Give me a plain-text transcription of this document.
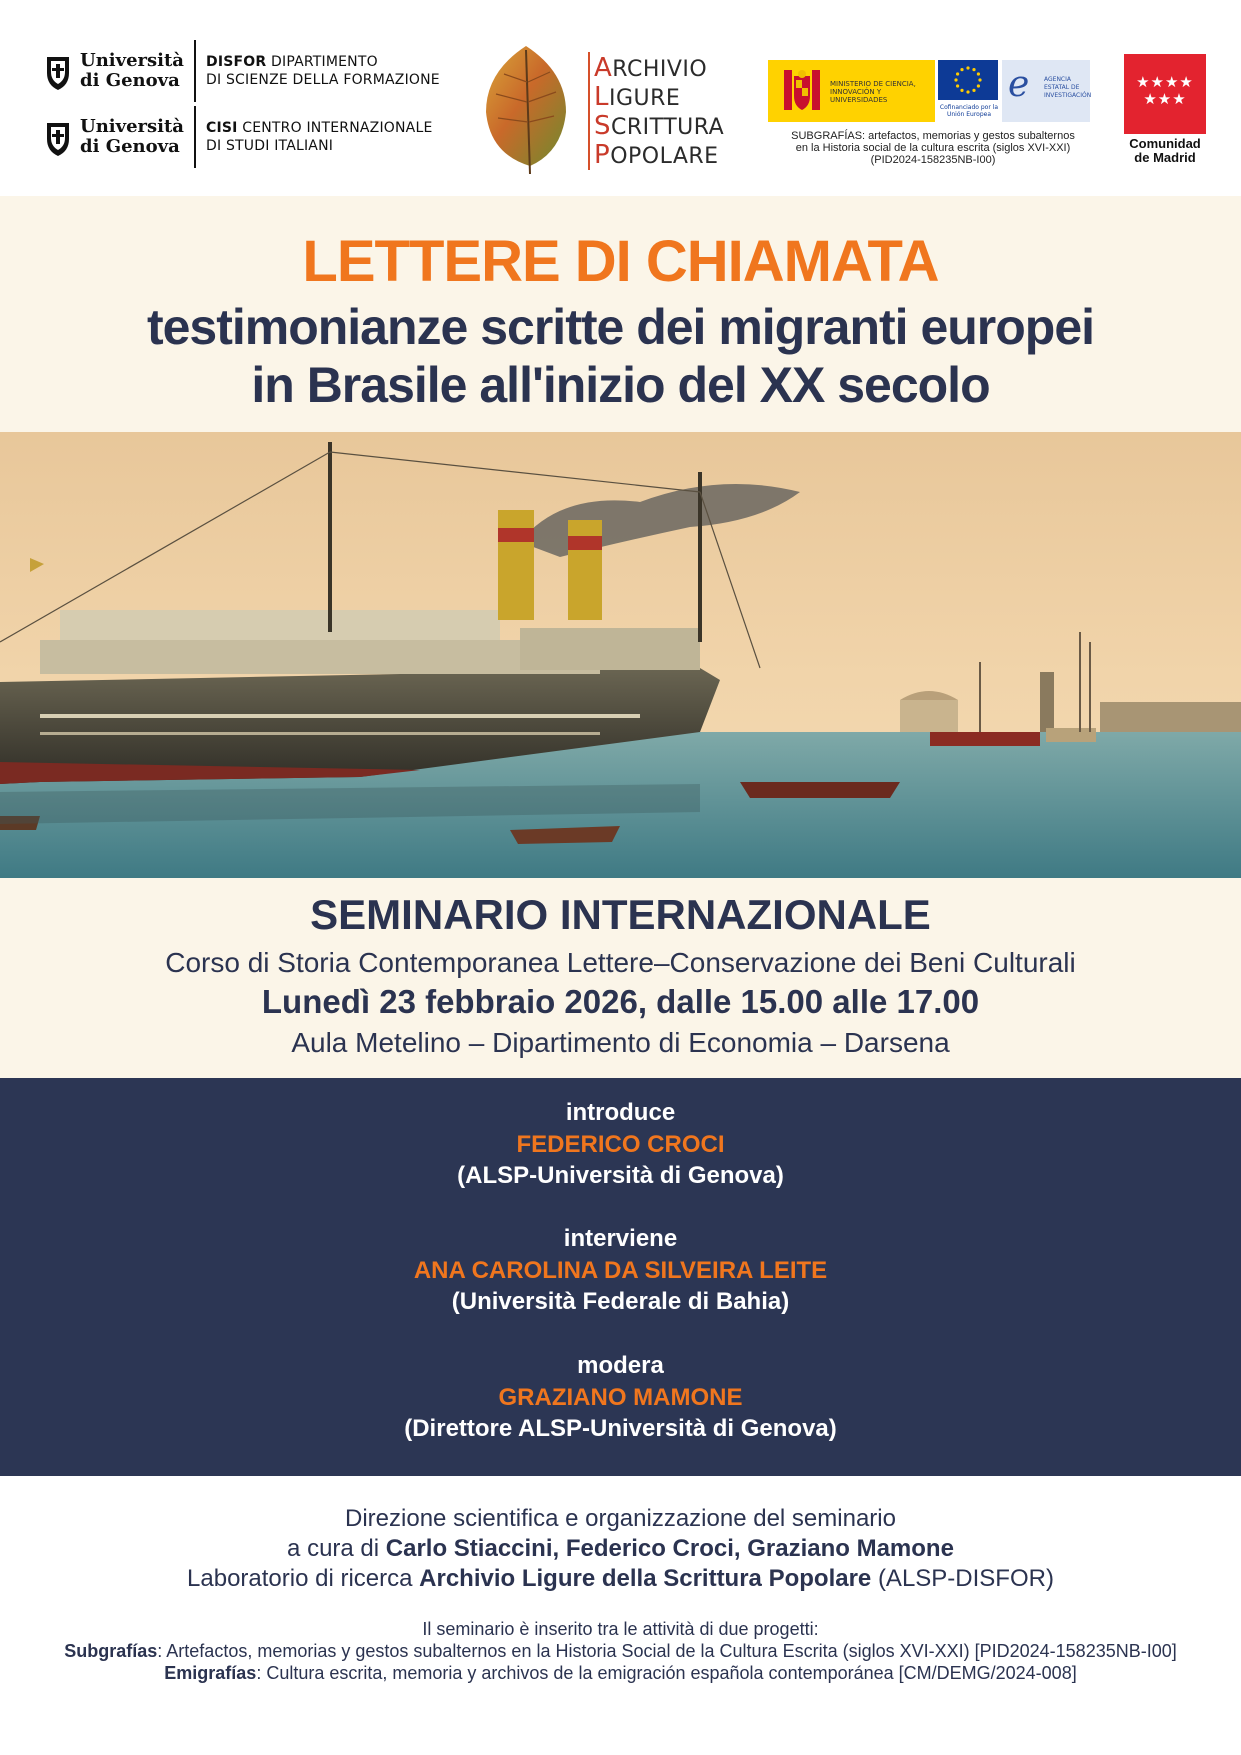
Università
di Genova
DISFOR DIPARTIMENTO
DI SCIENZE DELLA FORMAZIONE
Università
di Genova
CISI CENTRO INTERNAZIONALE
DI STUDI ITALIANI
ARCHIVIO
LIGURE
SCRITTURA
POPOLARE
MINISTERIO DE CIENCIA, INNOVACIÓN Y UNIVERSIDADES
Cofinanciado por la Unión Europea
e AGENCIA ESTATAL DE INVESTIGACIÓN
SUBGRAFÍAS: artefactos, memorias y gestos subalternos
en la Historia social de la cultura escrita (siglos XVI-XXI)
(PID2024-158235NB-I00)
★★★★
★★★
Comunidad
de Madrid
LETTERE DI CHIAMATA
testimonianze scritte dei migranti europei
in Brasile all'inizio del XX secolo
SEMINARIO INTERNAZIONALE
Corso di Storia Contemporanea Lettere–Conservazione dei Beni Culturali
Lunedì 23 febbraio 2026, dalle 15.00 alle 17.00
Aula Metelino – Dipartimento di Economia – Darsena
introduce
FEDERICO CROCI
(ALSP-Università di Genova)
interviene
ANA CAROLINA DA SILVEIRA LEITE
(Università Federale di Bahia)
modera
GRAZIANO MAMONE
(Direttore ALSP-Università di Genova)
Direzione scientifica e organizzazione del seminario
a cura di Carlo Stiaccini, Federico Croci, Graziano Mamone
Laboratorio di ricerca Archivio Ligure della Scrittura Popolare (ALSP-DISFOR)
Il seminario è inserito tra le attività di due progetti:
Subgrafías: Artefactos, memorias y gestos subalternos en la Historia Social de la Cultura Escrita (siglos XVI-XXI) [PID2024-158235NB-I00]
Emigrafías: Cultura escrita, memoria y archivos de la emigración española contemporánea [CM/DEMG/2024-008]
